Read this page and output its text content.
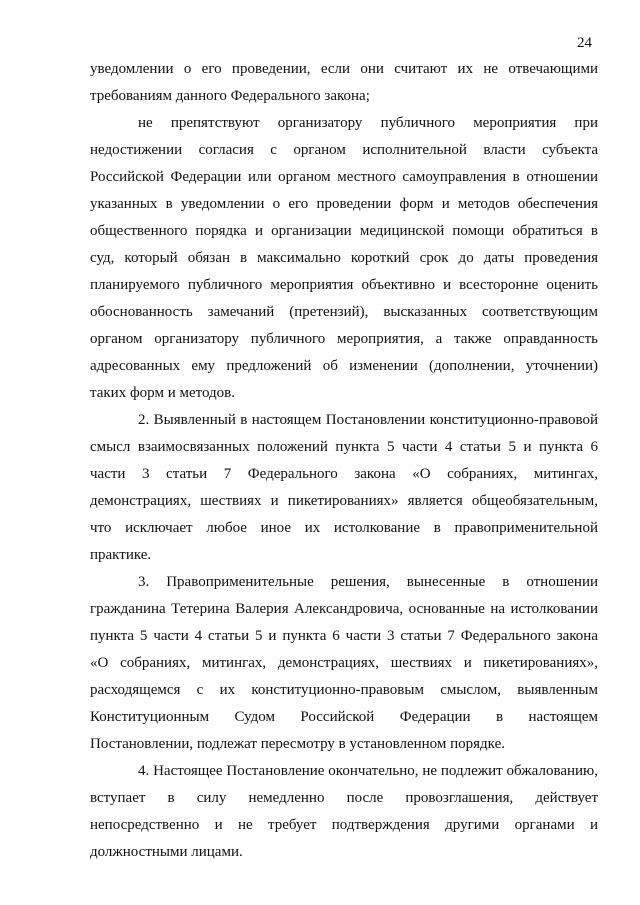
24
уведомлении о его проведении, если они считают их не отвечающими
требованиям данного Федерального закона;
не препятствуют организатору публичного мероприятия при
недостижении согласия с органом исполнительной власти субъекта
Российской Федерации или органом местного самоуправления в отношении
указанных в уведомлении о его проведении форм и методов обеспечения
общественного порядка и организации медицинской помощи обратиться в
суд, который обязан в максимально короткий срок до даты проведения
планируемого публичного мероприятия объективно и всесторонне оценить
обоснованность замечаний (претензий), высказанных соответствующим
органом организатору публичного мероприятия, а также оправданность
адресованных ему предложений об изменении (дополнении, уточнении)
таких форм и методов.
2. Выявленный в настоящем Постановлении конституционно-правовой
смысл взаимосвязанных положений пункта 5 части 4 статьи 5 и пункта 6
части 3 статьи 7 Федерального закона «О собраниях, митингах,
демонстрациях, шествиях и пикетированиях» является общеобязательным,
что исключает любое иное их истолкование в правоприменительной
практике.
3. Правоприменительные решения, вынесенные в отношении
гражданина Тетерина Валерия Александровича, основанные на истолковании
пункта 5 части 4 статьи 5 и пункта 6 части 3 статьи 7 Федерального закона
«О собраниях, митингах, демонстрациях, шествиях и пикетированиях»,
расходящемся с их конституционно-правовым смыслом, выявленным
Конституционным Судом Российской Федерации в настоящем
Постановлении, подлежат пересмотру в установленном порядке.
4. Настоящее Постановление окончательно, не подлежит обжалованию,
вступает в силу немедленно после провозглашения, действует
непосредственно и не требует подтверждения другими органами и
должностными лицами.
